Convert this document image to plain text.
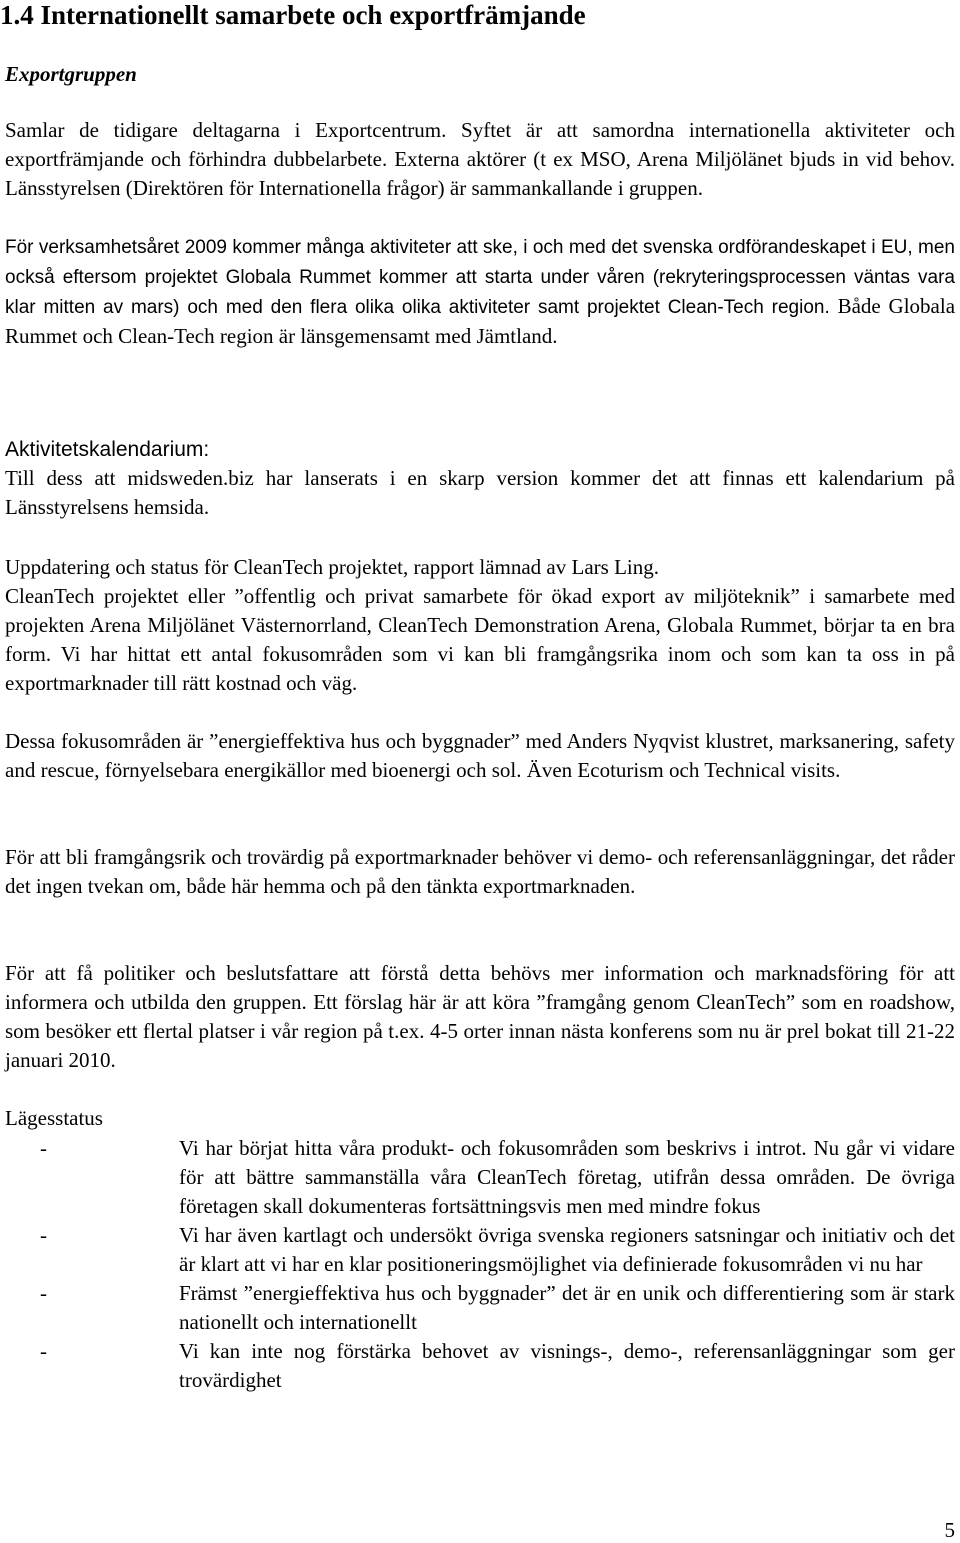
1.4 Internationellt samarbete och exportfrämjande
Exportgruppen

Samlar de tidigare deltagarna i Exportcentrum. Syftet är att samordna internationella aktiviteter och exportfrämjande och förhindra dubbelarbete. Externa aktörer (t ex MSO, Arena Miljölänet bjuds in vid behov. Länsstyrelsen (Direktören för Internationella frågor) är sammankallande i gruppen.

För verksamhetsåret 2009 kommer många aktiviteter att ske, i och med det svenska ordförandeskapet i EU, men också eftersom projektet Globala Rummet kommer att starta under våren (rekryteringsprocessen väntas vara klar mitten av mars) och med den flera olika olika aktiviteter samt projektet Clean-Tech region. Både Globala Rummet och Clean-Tech region är länsgemensamt med Jämtland.

Aktivitetskalendarium:

Till dess att midsweden.biz har lanserats i en skarp version kommer det att finnas ett kalendarium på Länsstyrelsens hemsida.

Uppdatering och status för CleanTech projektet, rapport lämnad av Lars Ling.

CleanTech projektet eller ”offentlig och privat samarbete för ökad export av miljöteknik” i samarbete med projekten Arena Miljölänet Västernorrland, CleanTech Demonstration Arena, Globala Rummet, börjar ta en bra form. Vi har hittat ett antal fokusområden som vi kan bli framgångsrika inom och som kan ta oss in på exportmarknader till rätt kostnad och väg.

Dessa fokusområden är ”energieffektiva hus och byggnader” med Anders Nyqvist klustret, marksanering, safety and rescue, förnyelsebara energikällor med bioenergi och sol. Även Ecoturism och Technical visits.

För att bli framgångsrik och trovärdig på exportmarknader behöver vi demo- och referensanläggningar, det råder det ingen tvekan om, både här hemma och på den tänkta exportmarknaden.

För att få politiker och beslutsfattare att förstå detta behövs mer information och marknadsföring för att informera och utbilda den gruppen. Ett förslag här är att köra ”framgång genom CleanTech” som en roadshow, som besöker ett flertal platser i vår region på t.ex. 4-5 orter innan nästa konferens som nu är prel bokat till 21-22 januari 2010.

Lägesstatus

-	Vi har börjat hitta våra produkt- och fokusområden som beskrivs i introt. Nu går vi vidare för att bättre sammanställa våra CleanTech företag, utifrån dessa områden. De övriga företagen skall dokumenteras fortsättningsvis men med mindre fokus
-	Vi har även kartlagt och undersökt övriga svenska regioners satsningar och initiativ och det är klart att vi har en klar positioneringsmöjlighet via definierade fokusområden vi nu har
-	Främst ”energieffektiva hus och byggnader” det är en unik och differentiering som är stark nationellt och internationellt
-	Vi kan inte nog förstärka behovet av visnings-, demo-, referensanläggningar som ger trovärdighet
5
